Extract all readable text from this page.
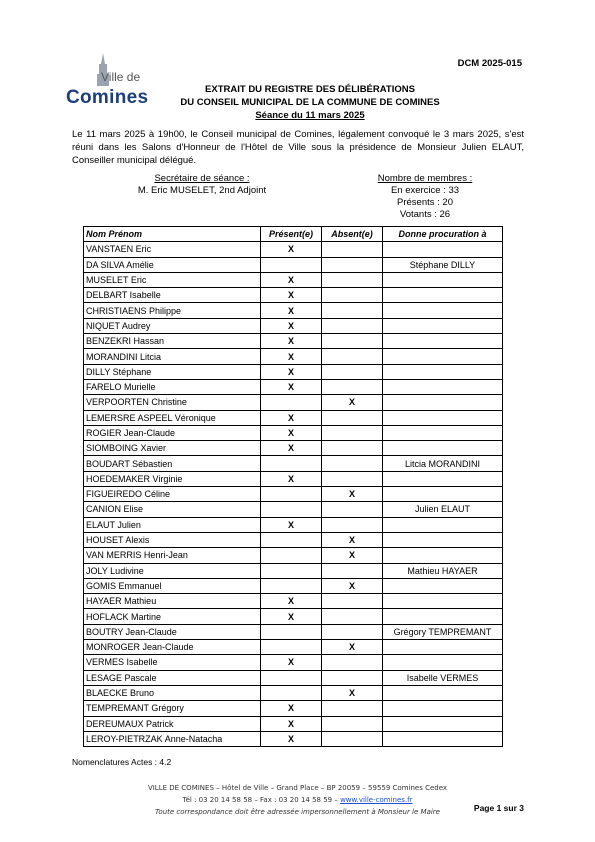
Ville de
Comines
DCM 2025-015
EXTRAIT DU REGISTRE DES DÉLIBÉRATIONS
DU CONSEIL MUNICIPAL DE LA COMMUNE DE COMINES
Séance du 11 mars 2025
Le 11 mars 2025 à 19h00, le Conseil municipal de Comines, légalement convoqué le 3 mars 2025, s'est réuni dans les Salons d'Honneur de l'Hôtel de Ville sous la présidence de Monsieur Julien ELAUT, Conseiller municipal délégué.
Secrétaire de séance :
M. Eric MUSELET, 2nd Adjoint
Nombre de membres :
En exercice : 33
Présents : 20
Votants : 26
Nom Prénom	Présent(e)	Absent(e)	Donne procuration à
VANSTAEN Eric	X		
DA SILVA Amélie			Stéphane DILLY
MUSELET Eric	X		
DELBART Isabelle	X		
CHRISTIAENS Philippe	X		
NIQUET Audrey	X		
BENZEKRI Hassan	X		
MORANDINI Litcia	X		
DILLY Stéphane	X		
FARELO Murielle	X		
VERPOORTEN Christine		X	
LEMERSRE ASPEEL Véronique	X		
ROGIER Jean-Claude	X		
SIOMBOING Xavier	X		
BOUDART Sébastien			Litcia MORANDINI
HOEDEMAKER Virginie	X		
FIGUEIREDO Céline		X	
CANION Elise			Julien ELAUT
ELAUT Julien	X		
HOUSET Alexis		X	
VAN MERRIS Henri-Jean		X	
JOLY Ludivine			Mathieu HAYAER
GOMIS Emmanuel		X	
HAYAER Mathieu	X		
HOFLACK Martine	X		
BOUTRY Jean-Claude			Grégory TEMPREMANT
MONROGER Jean-Claude		X	
VERMES Isabelle	X		
LESAGE Pascale			Isabelle VERMES
BLAECKE Bruno		X	
TEMPREMANT Grégory	X		
DEREUMAUX Patrick	X		
LEROY-PIETRZAK Anne-Natacha	X		
Nomenclatures Actes : 4.2
VILLE DE COMINES – Hôtel de Ville – Grand Place – BP 20059 – 59559 Comines Cedex
Tél : 03 20 14 58 58 – Fax : 03 20 14 58 59 – www.ville-comines.fr
Toute correspondance doit être adressée impersonnellement à Monsieur le Maire	Page 1 sur 3
